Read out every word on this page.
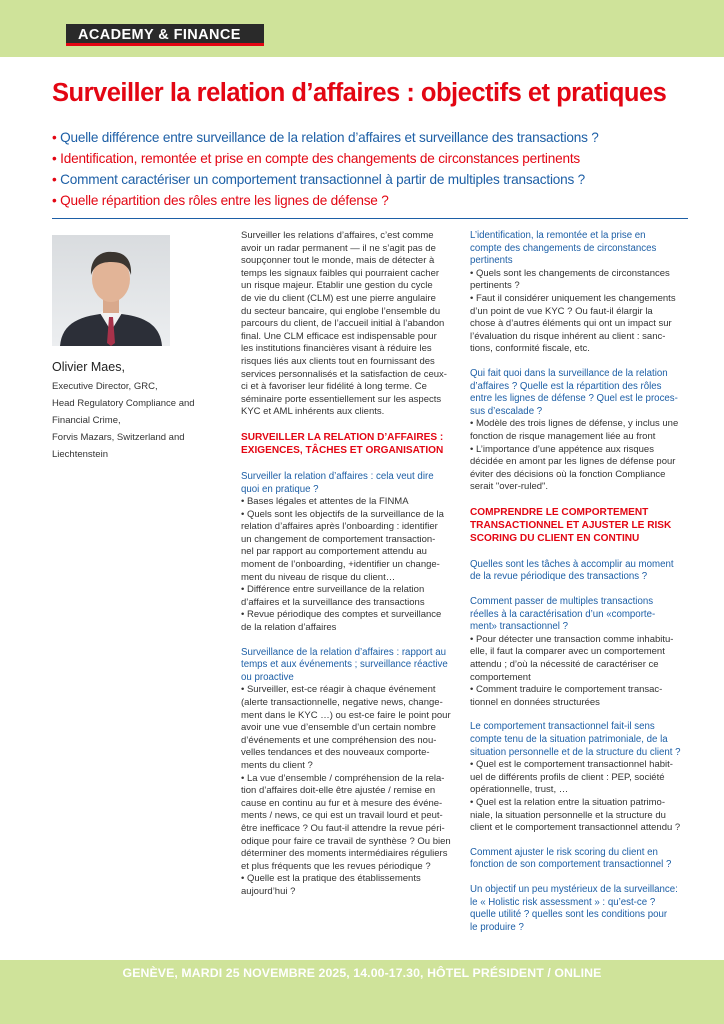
ACADEMY & FINANCE
Surveiller la relation d’affaires : objectifs et pratiques
• Quelle différence entre surveillance de la relation d’affaires et surveillance des transactions ?
• Identification, remontée et prise en compte des changements de circonstances pertinents
• Comment caractériser un comportement transactionnel à partir de multiples transactions ?
• Quelle répartition des rôles entre les lignes de défense ?
Olivier Maes,
Executive Director, GRC,
Head Regulatory Compliance and
Financial Crime,
Forvis Mazars, Switzerland and
Liechtenstein

Surveiller les relations d’affaires, c’est comme

avoir un radar permanent — il ne s’agit pas de

soupçonner tout le monde, mais de détecter à

temps les signaux faibles qui pourraient cacher

un risque majeur. Etablir une gestion du cycle

de vie du client (CLM) est une pierre angulaire

du secteur bancaire, qui englobe l’ensemble du

parcours du client, de l’accueil initial à l’abandon

final. Une CLM efficace est indispensable pour

les institutions financières visant à réduire les

risques liés aux clients tout en fournissant des

services personnalisés et la satisfaction de ceux-

ci et à favoriser leur fidélité à long terme. Ce

séminaire porte essentiellement sur les aspects

KYC et AML inhérents aux clients.

SURVEILLER LA RELATION D’AFFAIRES :

EXIGENCES, TÂCHES ET ORGANISATION

Surveiller la relation d’affaires : cela veut dire

quoi en pratique ?

• Bases légales et attentes de la FINMA

• Quels sont les objectifs de la surveillance de la

relation d’affaires après l’onboarding : identifier

un changement de comportement transaction-

nel par rapport au comportement attendu au

moment de l’onboarding, +identifier un change-

ment du niveau de risque du client…

• Différence entre surveillance de la relation

d’affaires et la surveillance des transactions

• Revue périodique des comptes et surveillance

de la relation d’affaires

Surveillance de la relation d’affaires : rapport au

temps et aux événements ; surveillance réactive

ou proactive

• Surveiller, est-ce réagir à chaque événement

(alerte transactionnelle, negative news, change-

ment dans le KYC …) ou est-ce faire le point pour

avoir une vue d’ensemble d’un certain nombre

d’événements et une compréhension des nou-

velles tendances et des nouveaux comporte-

ments du client ?

• La vue d’ensemble / compréhension de la rela-

tion d’affaires doit-elle être ajustée / remise en

cause en continu au fur et à mesure des événe-

ments / news, ce qui est un travail lourd et peut-

être inefficace ? Ou faut-il attendre la revue péri-

odique pour faire ce travail de synthèse ? Ou bien

déterminer des moments intermédiaires réguliers

et plus fréquents que les revues périodique ?

• Quelle est la pratique des établissements

aujourd’hui ?

L’identification, la remontée et la prise en

compte des changements de circonstances

pertinents

• Quels sont les changements de circonstances

pertinents ?

• Faut il considérer uniquement les changements

d’un point de vue KYC ? Ou faut-il élargir la

chose à d’autres éléments qui ont un impact sur

l’évaluation du risque inhérent au client : sanc-

tions, conformité fiscale, etc.

Qui fait quoi dans la surveillance de la relation

d’affaires ? Quelle est la répartition des rôles

entre les lignes de défense ? Quel est le proces-

sus d’escalade ?

• Modèle des trois lignes de défense, y inclus une

fonction de risque management liée au front

• L’importance d’une appétence aux risques

décidée en amont par les lignes de défense pour

éviter des décisions où la fonction Compliance

serait "over-ruled".

COMPRENDRE LE COMPORTEMENT

TRANSACTIONNEL ET AJUSTER LE RISK

SCORING DU CLIENT EN CONTINU

Quelles sont les tâches à accomplir au moment

de la revue périodique des transactions ?

Comment passer de multiples transactions

réelles à la caractérisation d’un «comporte-

ment» transactionnel ?

• Pour détecter une transaction comme inhabitu-

elle, il faut la comparer avec un comportement

attendu ; d’où la nécessité de caractériser ce

comportement

• Comment traduire le comportement transac-

tionnel en données structurées

Le comportement transactionnel fait-il sens

compte tenu de la situation patrimoniale, de la

situation personnelle et de la structure du client ?

• Quel est le comportement transactionnel habit-

uel de différents profils de client : PEP, société

opérationnelle, trust, …

• Quel est la relation entre la situation patrimo-

niale, la situation personnelle et la structure du

client et le comportement transactionnel attendu ?

Comment ajuster le risk scoring du client en

fonction de son comportement transactionnel ?

Un objectif un peu mystérieux de la surveillance:

le « Holistic risk assessment » : qu’est-ce ?

quelle utilité ? quelles sont les conditions pour

le produire ?

GENÈVE, MARDI 25 NOVEMBRE 2025, 14.00-17.30, HÔTEL PRÉSIDENT / ONLINE
